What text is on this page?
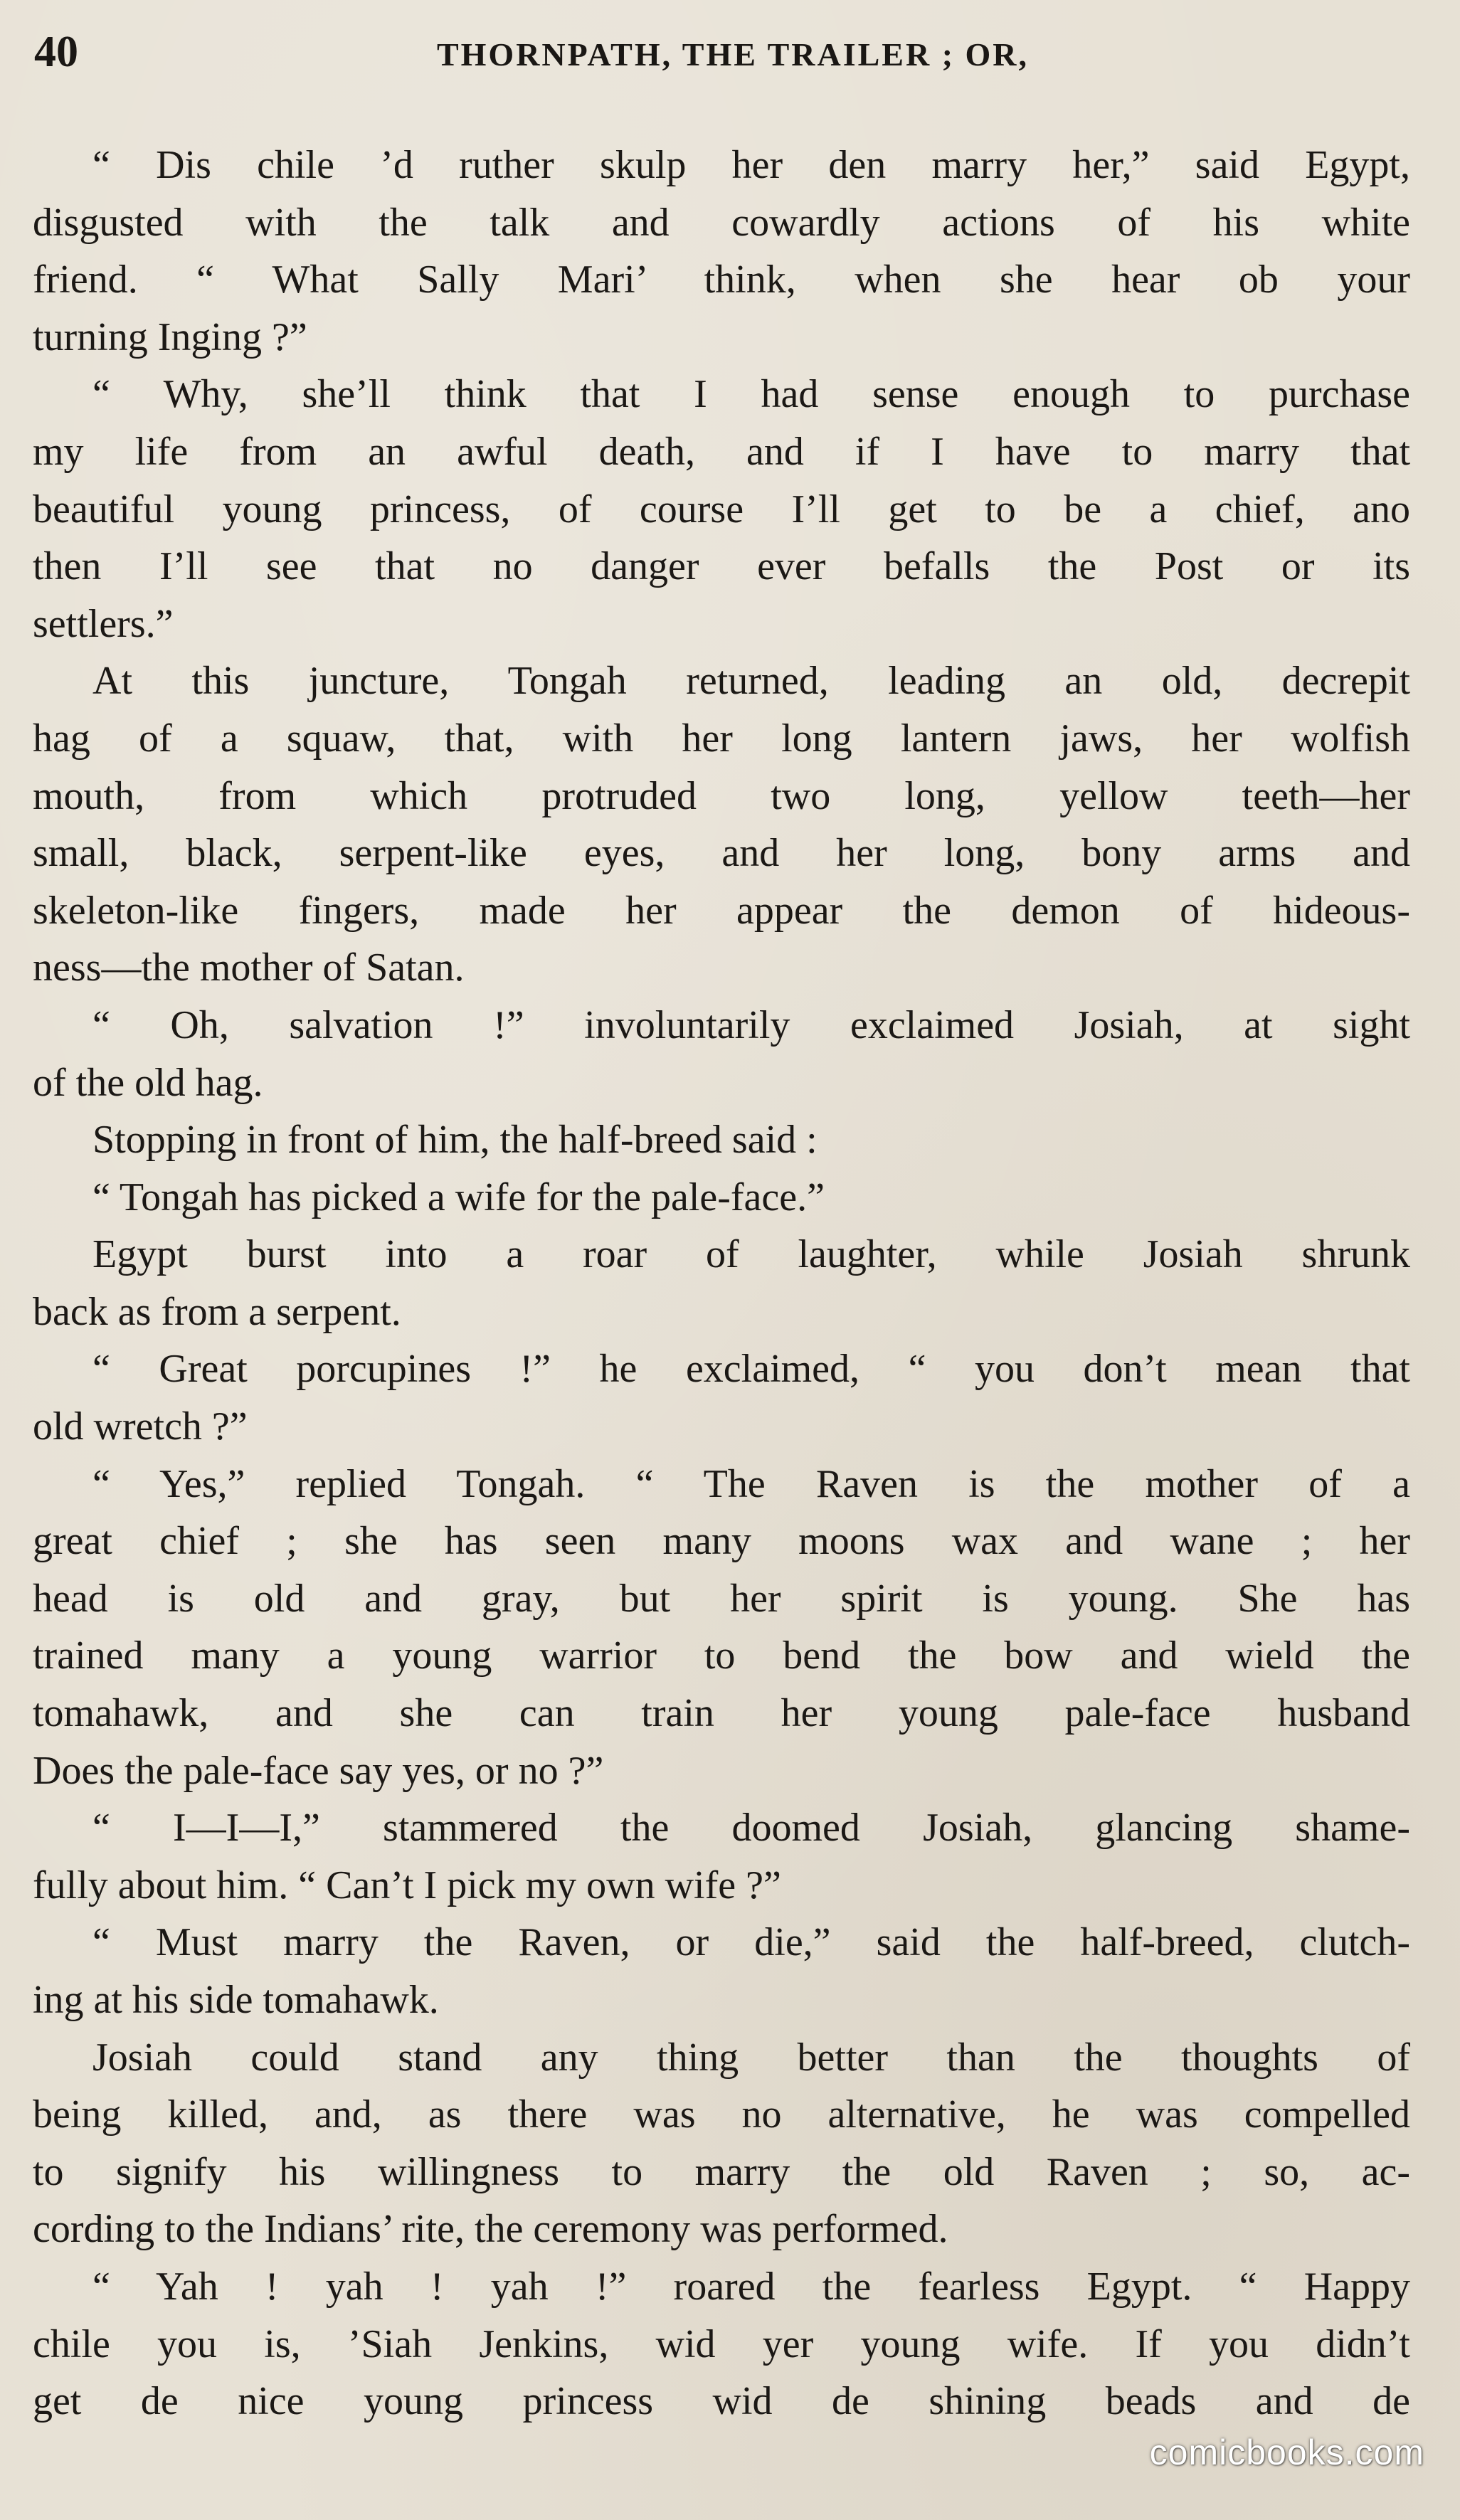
40	THORNPATH, THE TRAILER ; OR,
“ Dis chile ’d ruther skulp her den marry her,” said Egypt,
disgusted with the talk and cowardly actions of his white
friend. “ What Sally Mari’ think, when she hear ob your
turning Inging ?”
“ Why, she’ll think that I had sense enough to purchase
my life from an awful death, and if I have to marry that
beautiful young princess, of course I’ll get to be a chief, ano
then I’ll see that no danger ever befalls the Post or its
settlers.”
At this juncture, Tongah returned, leading an old, decrepit
hag of a squaw, that, with her long lantern jaws, her wolfish
mouth, from which protruded two long, yellow teeth—her
small, black, serpent-like eyes, and her long, bony arms and
skeleton-like fingers, made her appear the demon of hideous-
ness—the mother of Satan.
“ Oh, salvation !” involuntarily exclaimed Josiah, at sight
of the old hag.
Stopping in front of him, the half-breed said :
“ Tongah has picked a wife for the pale-face.”
Egypt burst into a roar of laughter, while Josiah shrunk
back as from a serpent.
“ Great porcupines !” he exclaimed, “ you don’t mean that
old wretch ?”
“ Yes,” replied Tongah. “ The Raven is the mother of a
great chief ; she has seen many moons wax and wane ; her
head is old and gray, but her spirit is young. She has
trained many a young warrior to bend the bow and wield the
tomahawk, and she can train her young pale-face husband
Does the pale-face say yes, or no ?”
“ I—I—I,” stammered the doomed Josiah, glancing shame-
fully about him. “ Can’t I pick my own wife ?”
“ Must marry the Raven, or die,” said the half-breed, clutch-
ing at his side tomahawk.
Josiah could stand any thing better than the thoughts of
being killed, and, as there was no alternative, he was compelled
to signify his willingness to marry the old Raven ; so, ac-
cording to the Indians’ rite, the ceremony was performed.
“ Yah ! yah ! yah !” roared the fearless Egypt. “ Happy
chile you is, ’Siah Jenkins, wid yer young wife. If you didn’t
get de nice young princess wid de shining beads and de
comicbooks.com
